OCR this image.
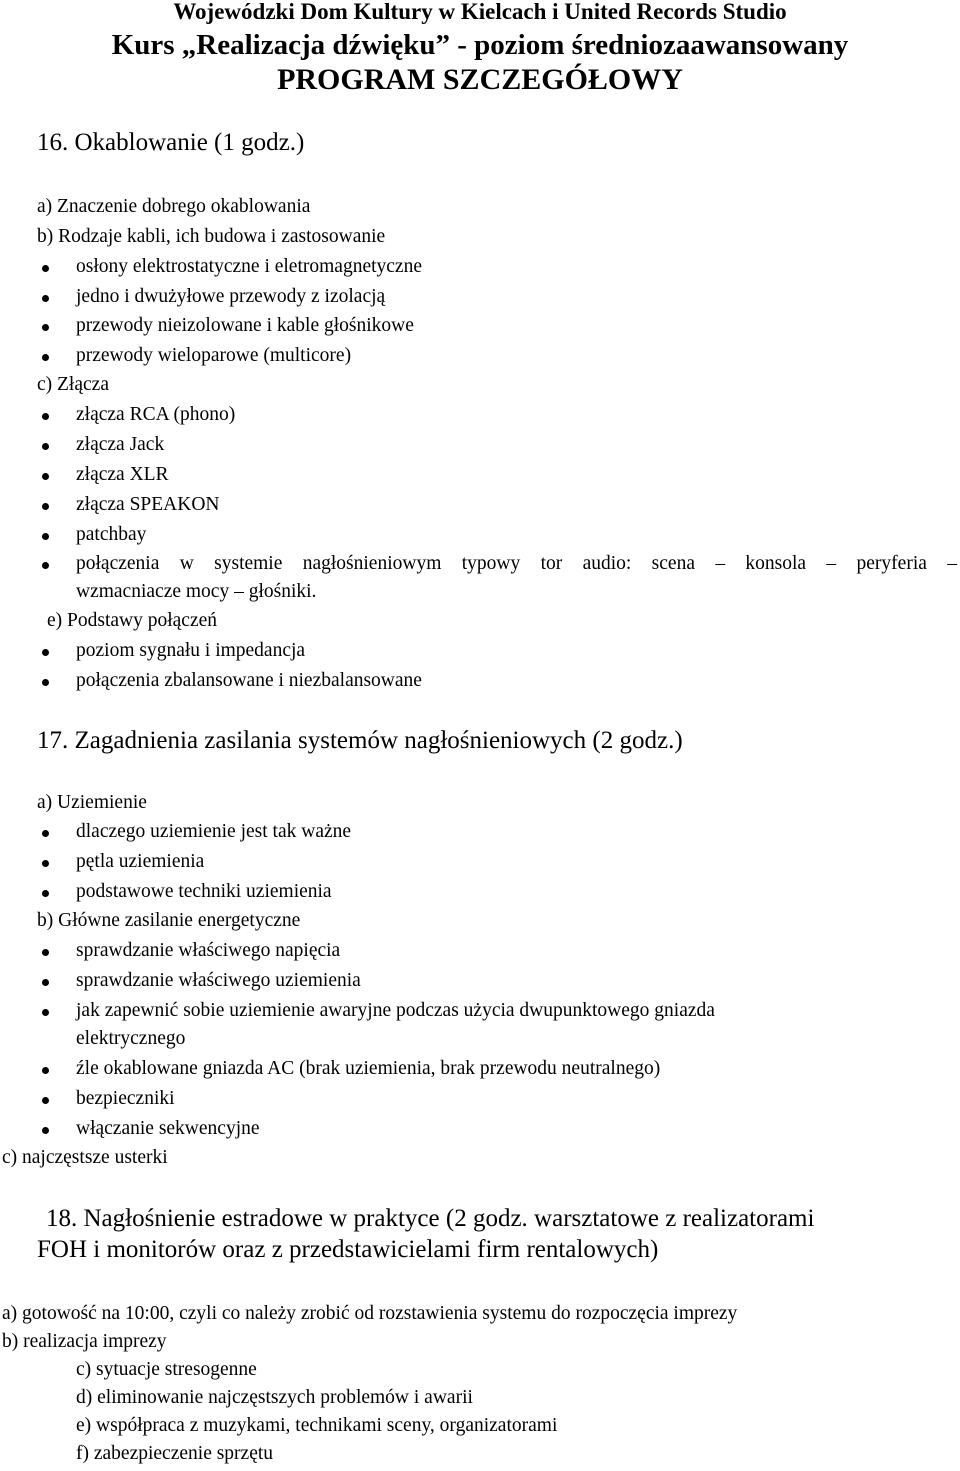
Wojewódzki Dom Kultury w Kielcach i United Records Studio
Kurs „Realizacja dźwięku” - poziom średniozaawansowany
PROGRAM SZCZEGÓŁOWY
16. Okablowanie (1 godz.)
a) Znaczenie dobrego okablowania
b) Rodzaje kabli, ich budowa i zastosowanie
osłony elektrostatyczne i eletromagnetyczne
jedno i dwużyłowe przewody z izolacją
przewody nieizolowane i kable głośnikowe
przewody wieloparowe (multicore)
c) Złącza
złącza RCA (phono)
złącza Jack
złącza XLR
złącza SPEAKON
patchbay
połączenia w systemie nagłośnieniowym typowy tor audio: scena – konsola – peryferia –
wzmacniacze mocy – głośniki.
e) Podstawy połączeń
poziom sygnału i impedancja
połączenia zbalansowane i niezbalansowane
17. Zagadnienia zasilania systemów nagłośnieniowych (2 godz.)
a) Uziemienie
dlaczego uziemienie jest tak ważne
pętla uziemienia
podstawowe techniki uziemienia
b) Główne zasilanie energetyczne
sprawdzanie właściwego napięcia
sprawdzanie właściwego uziemienia
jak zapewnić sobie uziemienie awaryjne podczas użycia dwupunktowego gniazda
elektrycznego
źle okablowane gniazda AC (brak uziemienia, brak przewodu neutralnego)
bezpieczniki
włączanie sekwencyjne
c) najczęstsze usterki
18. Nagłośnienie estradowe w praktyce (2 godz. warsztatowe z realizatorami
FOH i monitorów oraz z przedstawicielami firm rentalowych)
a) gotowość na 10:00, czyli co należy zrobić od rozstawienia systemu do rozpoczęcia imprezy
b) realizacja imprezy
c) sytuacje stresogenne
d) eliminowanie najczęstszych problemów i awarii
e) współpraca z muzykami, technikami sceny, organizatorami
f) zabezpieczenie sprzętu
